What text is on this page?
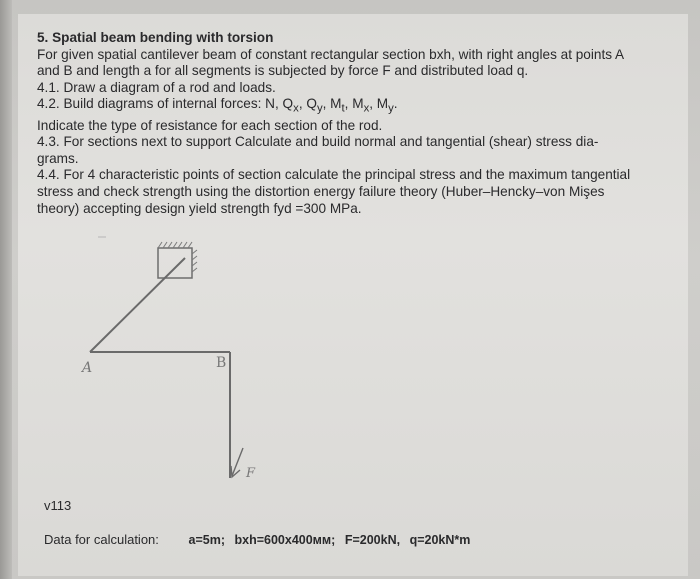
5. Spatial beam bending with torsion
For given spatial cantilever beam of constant rectangular section bxh, with right angles at points A
and B and length a for all segments is subjected by force F and distributed load q.
4.1. Draw a diagram of a rod and loads.
4.2. Build diagrams of internal forces: N, $Q_x$, $Q_y$, $M_t$, $M_x$, $M_y$.
Indicate the type of resistance for each section of the rod.
4.3. For sections next to support Calculate and build normal and tangential (shear) stress dia-
grams.
4.4. For 4 characteristic points of section calculate the principal stress and the maximum tangential
stress and check strength using the distortion energy failure theory (Huber–Hencky–von Mişes
theory) accepting design yield strength fyd =300 MPa.
A	B
F
v113
Data for calculation: a=5m; bxh=600x400мм; F=200kN, q=20kN*m
